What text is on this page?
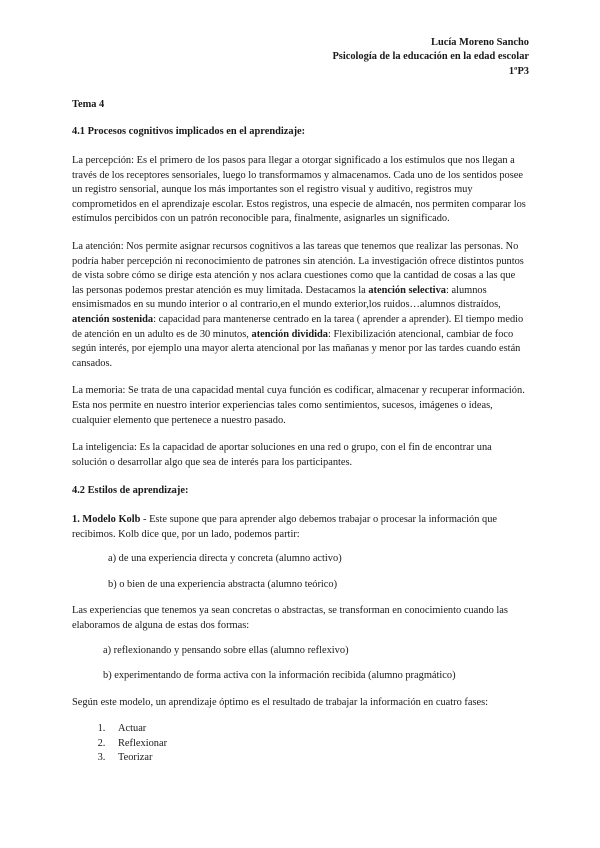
Lucía Moreno Sancho
Psicología de la educación en la edad escolar
1ºP3
Tema 4
4.1 Procesos cognitivos implicados en el aprendizaje:

La percepción: Es el primero de los pasos para llegar a otorgar significado a los estímulos que nos llegan a través de los receptores sensoriales, luego lo transformamos y almacenamos. Cada uno de los sentidos posee un registro sensorial, aunque los más importantes son el registro visual y auditivo, registros muy comprometidos en el aprendizaje escolar. Estos registros, una especie de almacén, nos permiten comparar los estímulos percibidos con un patrón reconocible para, finalmente, asignarles un significado.

La atención: Nos permite asignar recursos cognitivos a las tareas que tenemos que realizar las personas. No podría haber percepción ni reconocimiento de patrones sin atención. La investigación ofrece distintos puntos de vista sobre cómo se dirige esta atención y nos aclara cuestiones como que la cantidad de cosas a las que las personas podemos prestar atención es muy limitada. Destacamos la atención selectiva: alumnos ensimismados en su mundo interior o al contrario,en el mundo exterior,los ruidos…alumnos distraídos, atención sostenida: capacidad para mantenerse centrado en la tarea ( aprender a aprender). El tiempo medio de atención en un adulto es de 30 minutos, atención dividida: Flexibilización atencional, cambiar de foco según interés, por ejemplo una mayor alerta atencional por las mañanas y menor por las tardes cuando están cansados.

La memoria: Se trata de una capacidad mental cuya función es codificar, almacenar y recuperar información. Esta nos permite en nuestro interior experiencias tales como sentimientos, sucesos, imágenes o ideas, cualquier elemento que pertenece a nuestro pasado.

La inteligencia: Es la capacidad de aportar soluciones en una red o grupo, con el fin de encontrar una solución o desarrollar algo que sea de interés para los participantes.

4.2 Estilos de aprendizaje:

1. Modelo Kolb - Este supone que para aprender algo debemos trabajar o procesar la información que recibimos. Kolb dice que, por un lado, podemos partir:

a) de una experiencia directa y concreta (alumno activo)

b) o bien de una experiencia abstracta (alumno teórico)

Las experiencias que tenemos ya sean concretas o abstractas, se transforman en conocimiento cuando las elaboramos de alguna de estas dos formas:

a) reflexionando y pensando sobre ellas (alumno reflexivo)

b) experimentando de forma activa con la información recibida (alumno pragmático)

Según este modelo, un aprendizaje óptimo es el resultado de trabajar la información en cuatro fases:

1. Actuar
2. Reflexionar
3. Teorizar
